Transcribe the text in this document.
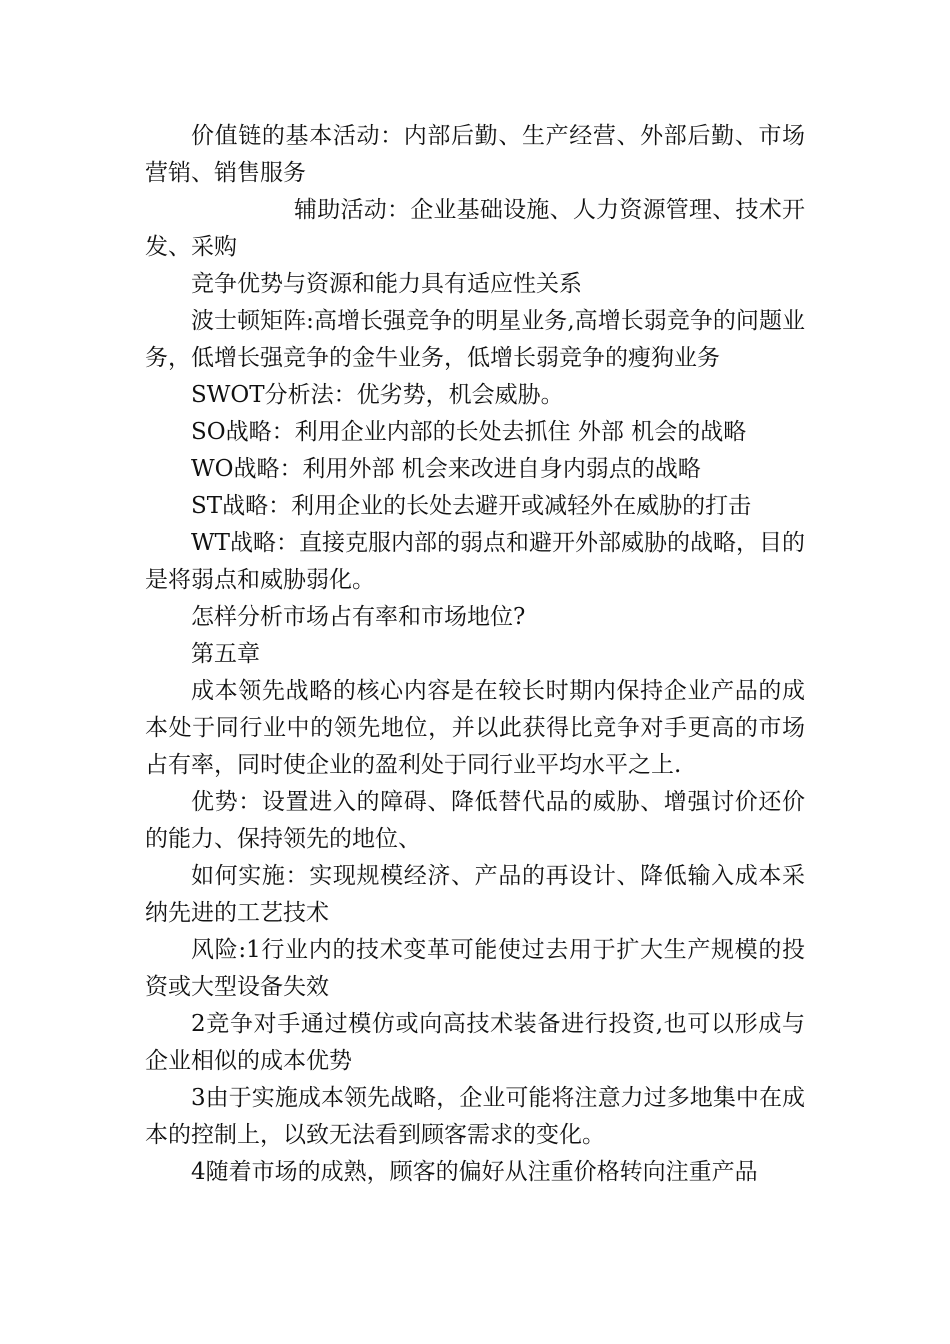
价值链的基本活动：内部后勤、生产经营、外部后勤、市场营销、销售服务

辅助活动：企业基础设施、人力资源管理、技术开发、采购

竞争优势与资源和能力具有适应性关系

波士顿矩阵:高增长强竞争的明星业务,高增长弱竞争的问题业务，低增长强竞争的金牛业务，低增长弱竞争的瘦狗业务

SWOT分析法：优劣势，机会威胁。

SO战略：利用企业内部的长处去抓住 外部 机会的战略

WO战略：利用外部 机会来改进自身内弱点的战略

ST战略：利用企业的长处去避开或减轻外在威胁的打击

WT战略：直接克服内部的弱点和避开外部威胁的战略，目的是将弱点和威胁弱化。

怎样分析市场占有率和市场地位?

第五章

成本领先战略的核心内容是在较长时期内保持企业产品的成本处于同行业中的领先地位，并以此获得比竞争对手更高的市场占有率，同时使企业的盈利处于同行业平均水平之上.

优势：设置进入的障碍、降低替代品的威胁、增强讨价还价的能力、保持领先的地位、

如何实施：实现规模经济、产品的再设计、降低输入成本采纳先进的工艺技术

风险:1行业内的技术变革可能使过去用于扩大生产规模的投资或大型设备失效

2竞争对手通过模仿或向高技术装备进行投资,也可以形成与企业相似的成本优势

3由于实施成本领先战略，企业可能将注意力过多地集中在成本的控制上，以致无法看到顾客需求的变化。

4随着市场的成熟，顾客的偏好从注重价格转向注重产品
